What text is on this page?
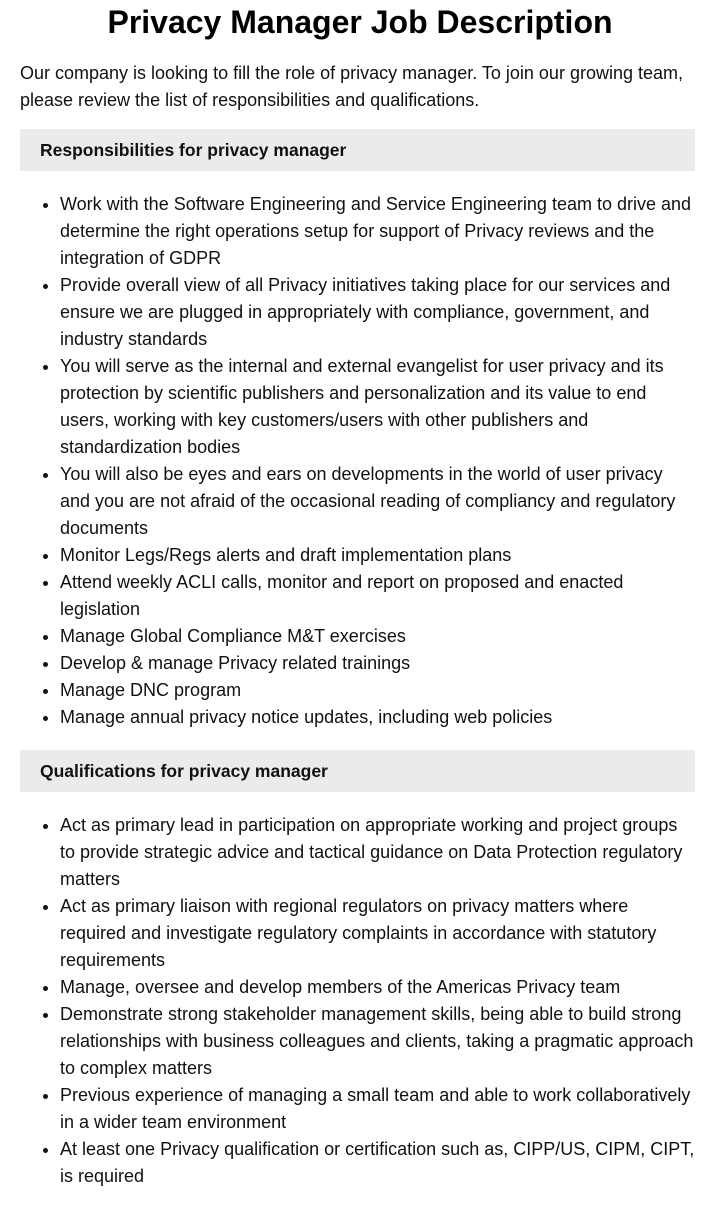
Privacy Manager Job Description

Our company is looking to fill the role of privacy manager. To join our growing team, please review the list of responsibilities and qualifications.

Responsibilities for privacy manager
• Work with the Software Engineering and Service Engineering team to drive and determine the right operations setup for support of Privacy reviews and the integration of GDPR
• Provide overall view of all Privacy initiatives taking place for our services and ensure we are plugged in appropriately with compliance, government, and industry standards
• You will serve as the internal and external evangelist for user privacy and its protection by scientific publishers and personalization and its value to end users, working with key customers/users with other publishers and standardization bodies
• You will also be eyes and ears on developments in the world of user privacy and you are not afraid of the occasional reading of compliancy and regulatory documents
• Monitor Legs/Regs alerts and draft implementation plans
• Attend weekly ACLI calls, monitor and report on proposed and enacted legislation
• Manage Global Compliance M&T exercises
• Develop & manage Privacy related trainings
• Manage DNC program
• Manage annual privacy notice updates, including web policies
Qualifications for privacy manager
• Act as primary lead in participation on appropriate working and project groups to provide strategic advice and tactical guidance on Data Protection regulatory matters
• Act as primary liaison with regional regulators on privacy matters where required and investigate regulatory complaints in accordance with statutory requirements
• Manage, oversee and develop members of the Americas Privacy team
• Demonstrate strong stakeholder management skills, being able to build strong relationships with business colleagues and clients, taking a pragmatic approach to complex matters
• Previous experience of managing a small team and able to work collaboratively in a wider team environment
• At least one Privacy qualification or certification such as, CIPP/US, CIPM, CIPT, is required
